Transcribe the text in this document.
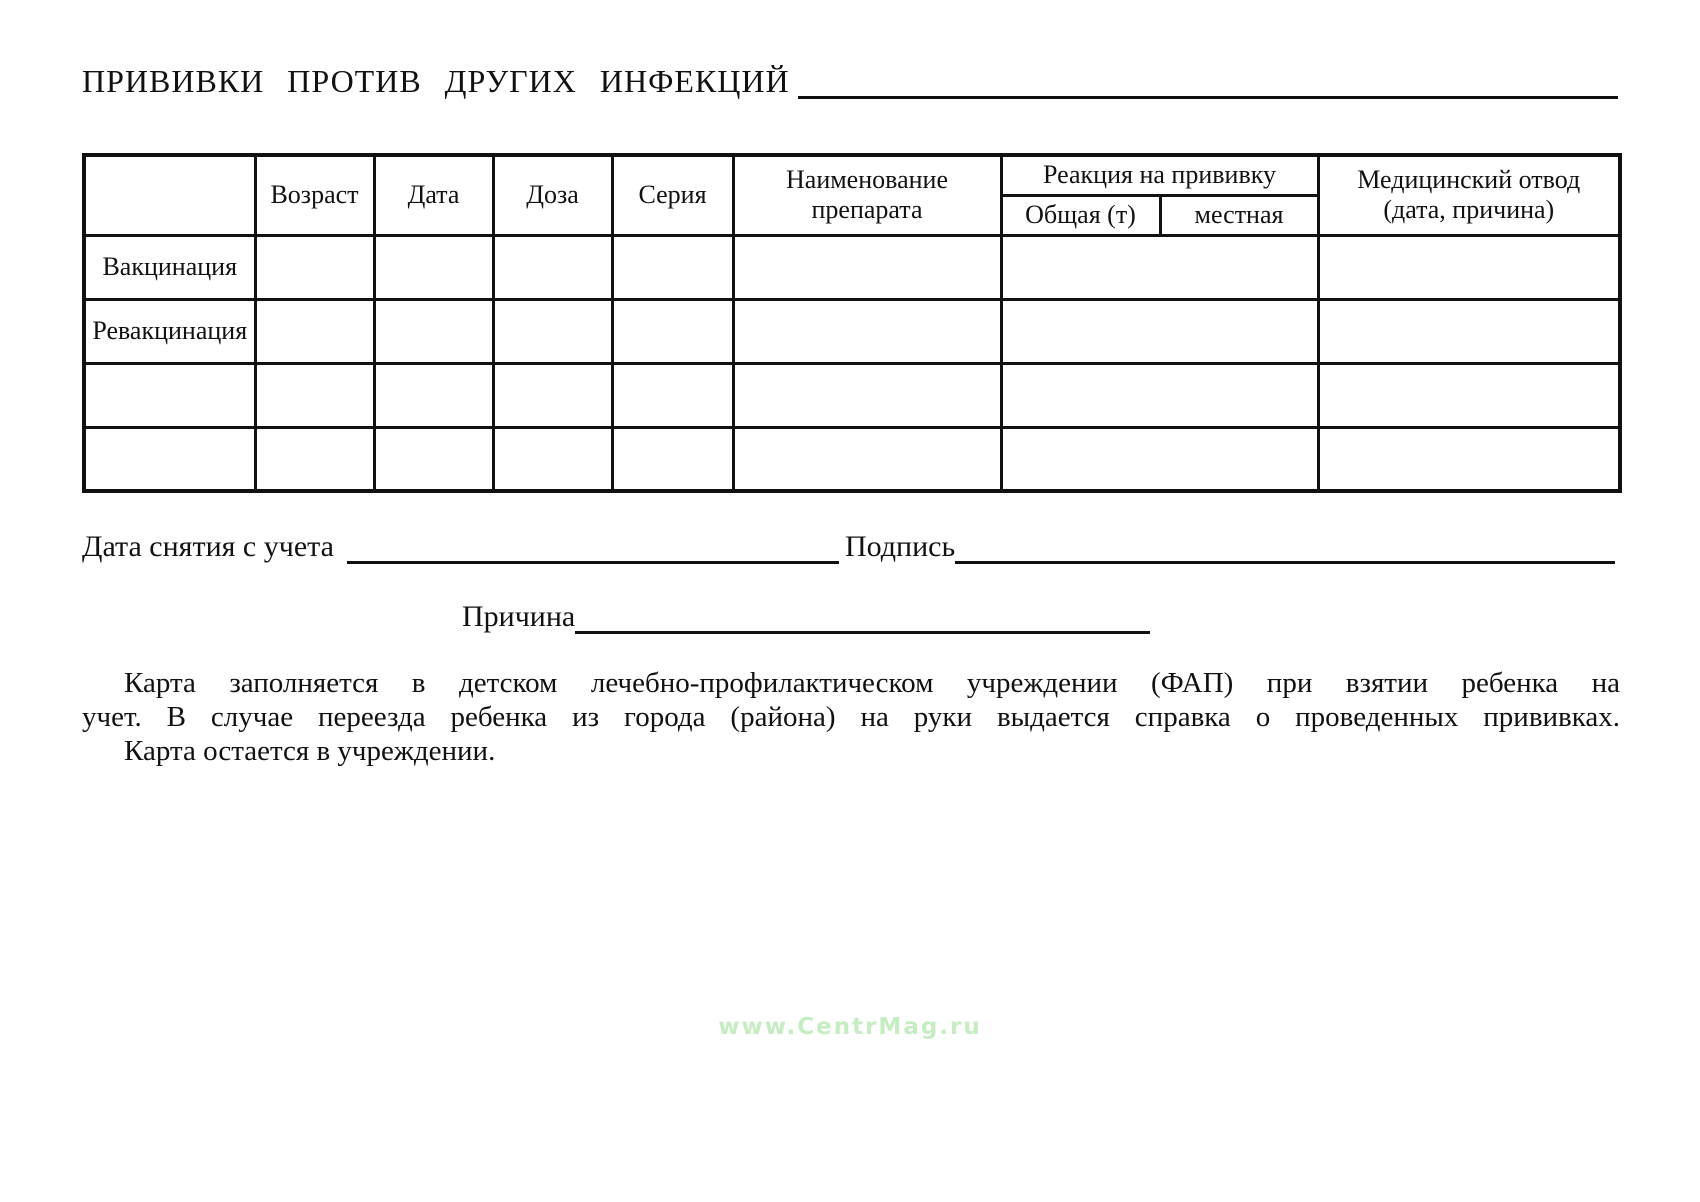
ПРИВИВКИ ПРОТИВ ДРУГИХ ИНФЕКЦИЙ
	Возраст	Дата	Доза	Серия	Наименование препарата	Реакция на прививку		Медицинский отвод (дата, причина)
						Общая (т)	местная	
Вакцинация								
Ревакцинация								

Дата снятия с учета	Подпись
Причина
Карта заполняется в детском лечебно-профилактическом учреждении (ФАП) при взятии ребенка на
учет. В случае переезда ребенка из города (района) на руки выдается справка о проведенных прививках.
Карта остается в учреждении.
www.CentrMag.ru
